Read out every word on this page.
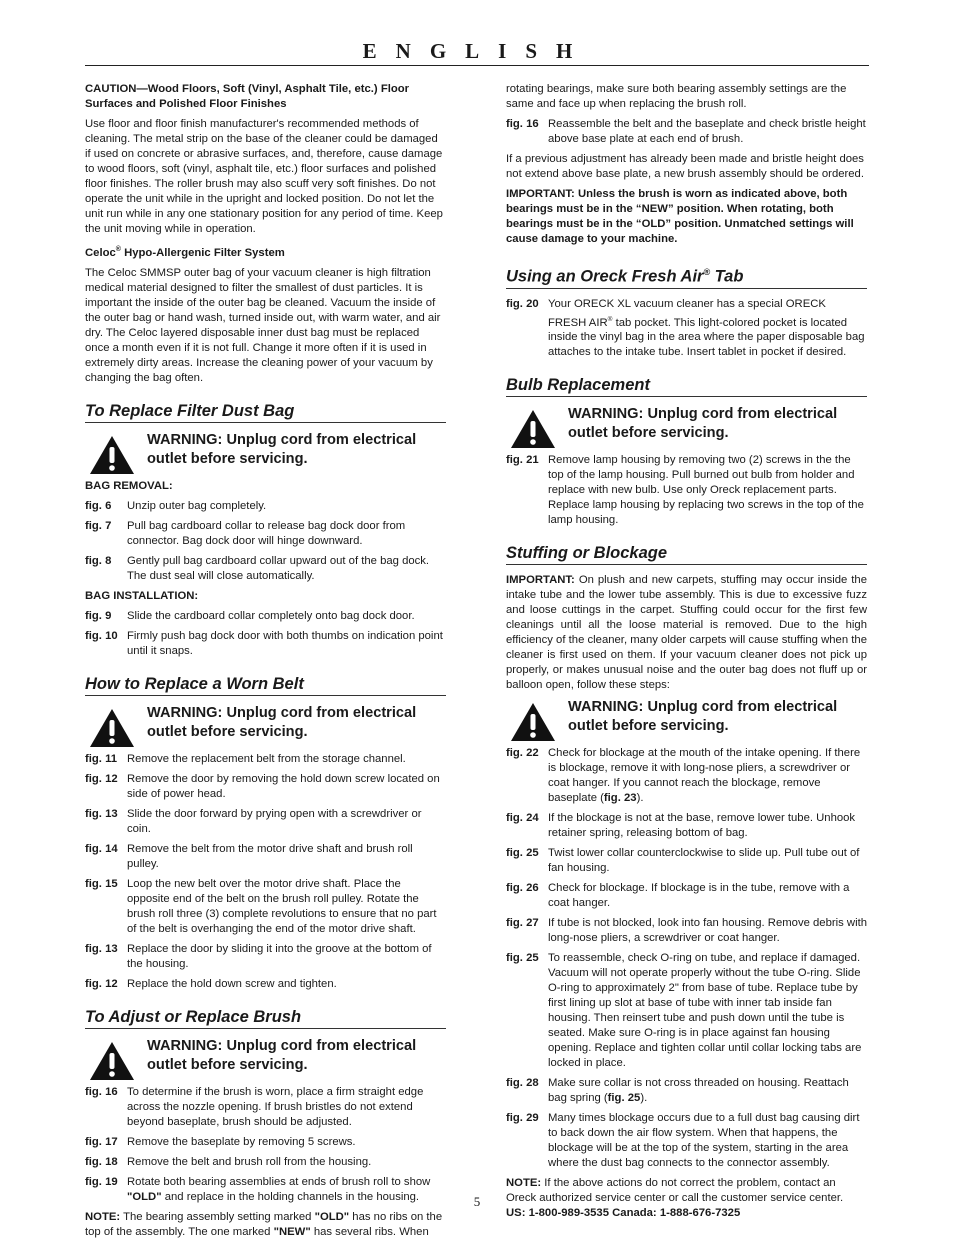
ENGLISH

CAUTION—Wood Floors, Soft (Vinyl, Asphalt Tile, etc.) Floor Surfaces and Polished Floor Finishes

Use floor and floor finish manufacturer's recommended methods of cleaning. The metal strip on the base of the cleaner could be damaged if used on concrete or abrasive surfaces, and, therefore, cause damage to wood floors, soft (vinyl, asphalt tile, etc.) floor surfaces and polished floor finishes. The roller brush may also scuff very soft finishes. Do not operate the unit while in the upright and locked position. Do not let the unit run while in any one stationary position for any period of time. Keep the unit moving while in operation.

Celoc® Hypo-Allergenic Filter System

The Celoc SMMSP outer bag of your vacuum cleaner is high filtration medical material designed to filter the smallest of dust particles. It is important the inside of the outer bag be cleaned. Vacuum the inside of the outer bag or hand wash, turned inside out, with warm water, and air dry. The Celoc layered disposable inner dust bag must be replaced once a month even if it is not full. Change it more often if it is used in extremely dirty areas. Increase the cleaning power of your vacuum by changing the bag often.

To Replace Filter Dust Bag
WARNING: Unplug cord from electrical outlet before servicing.

BAG REMOVAL:

fig. 6	Unzip outer bag completely.
fig. 7	Pull bag cardboard collar to release bag dock door from connector. Bag dock door will hinge downward.
fig. 8	Gently pull bag cardboard collar upward out of the bag dock. The dust seal will close automatically.

BAG INSTALLATION:

fig. 9	Slide the cardboard collar completely onto bag dock door.
fig. 10 Firmly push bag dock door with both thumbs on indication point until it snaps.
How to Replace a Worn Belt
WARNING: Unplug cord from electrical outlet before servicing.
fig. 11 Remove the replacement belt from the storage channel.
fig. 12 Remove the door by removing the hold down screw located on side of power head.
fig. 13 Slide the door forward by prying open with a screwdriver or coin.
fig. 14 Remove the belt from the motor drive shaft and brush roll pulley.
fig. 15 Loop the new belt over the motor drive shaft. Place the opposite end of the belt on the brush roll pulley. Rotate the brush roll three (3) complete revolutions to ensure that no part of the belt is overhanging the end of the motor drive shaft.
fig. 13 Replace the door by sliding it into the groove at the bottom of the housing.
fig. 12 Replace the hold down screw and tighten.
To Adjust or Replace Brush
WARNING: Unplug cord from electrical outlet before servicing.
fig. 16 To determine if the brush is worn, place a firm straight edge across the nozzle opening. If brush bristles do not extend beyond baseplate, brush should be adjusted.
fig. 17 Remove the baseplate by removing 5 screws.
fig. 18 Remove the belt and brush roll from the housing.
fig. 19 Rotate both bearing assemblies at ends of brush roll to show "OLD" and replace in the holding channels in the housing.

NOTE: The bearing assembly setting marked "OLD" has no ribs on the top of the assembly. The one marked "NEW" has several ribs. When

rotating bearings, make sure both bearing assembly settings are the same and face up when replacing the brush roll.

fig. 16 Reassemble the belt and the baseplate and check bristle height above base plate at each end of brush.

If a previous adjustment has already been made and bristle height does not extend above base plate, a new brush assembly should be ordered.

IMPORTANT: Unless the brush is worn as indicated above, both bearings must be in the “NEW” position. When rotating, both bearings must be in the “OLD” position. Unmatched settings will cause damage to your machine.

Using an Oreck Fresh Air® Tab
fig. 20 Your ORECK XL vacuum cleaner has a special ORECK FRESH AIR® tab pocket. This light-colored pocket is located inside the vinyl bag in the area where the paper disposable bag attaches to the intake tube. Insert tablet in pocket if desired.
Bulb Replacement
WARNING: Unplug cord from electrical outlet before servicing.
fig. 21 Remove lamp housing by removing two (2) screws in the the top of the lamp housing. Pull burned out bulb from holder and replace with new bulb. Use only Oreck replacement parts. Replace lamp housing by replacing two screws in the top of the lamp housing.
Stuffing or Blockage

IMPORTANT: On plush and new carpets, stuffing may occur inside the intake tube and the lower tube assembly. This is due to excessive fuzz and loose cuttings in the carpet. Stuffing could occur for the first few cleanings until all the loose material is removed. Due to the high efficiency of the cleaner, many older carpets will cause stuffing when the cleaner is first used on them. If your vacuum cleaner does not pick up properly, or makes unusual noise and the outer bag does not fluff up or balloon open, follow these steps:

WARNING: Unplug cord from electrical outlet before servicing.
fig. 22 Check for blockage at the mouth of the intake opening. If there is blockage, remove it with long-nose pliers, a screwdriver or coat hanger. If you cannot reach the blockage, remove baseplate (fig. 23).
fig. 24 If the blockage is not at the base, remove lower tube. Unhook retainer spring, releasing bottom of bag.
fig. 25 Twist lower collar counterclockwise to slide up. Pull tube out of fan housing.
fig. 26 Check for blockage. If blockage is in the tube, remove with a coat hanger.
fig. 27 If tube is not blocked, look into fan housing. Remove debris with long-nose pliers, a screwdriver or coat hanger.
fig. 25 To reassemble, check O-ring on tube, and replace if damaged. Vacuum will not operate properly without the tube O-ring. Slide O-ring to approximately 2" from base of tube. Replace tube by first lining up slot at base of tube with inner tab inside fan housing. Then reinsert tube and push down until the tube is seated. Make sure O-ring is in place against fan housing opening. Replace and tighten collar until collar locking tabs are locked in place.
fig. 28 Make sure collar is not cross threaded on housing. Reattach bag spring (fig. 25).
fig. 29 Many times blockage occurs due to a full dust bag causing dirt to back down the air flow system. When that happens, the blockage will be at the top of the system, starting in the area where the dust bag connects to the connector assembly.

NOTE: If the above actions do not correct the problem, contact an Oreck authorized service center or call the customer service center.

US: 1-800-989-3535 Canada: 1-888-676-7325

5
